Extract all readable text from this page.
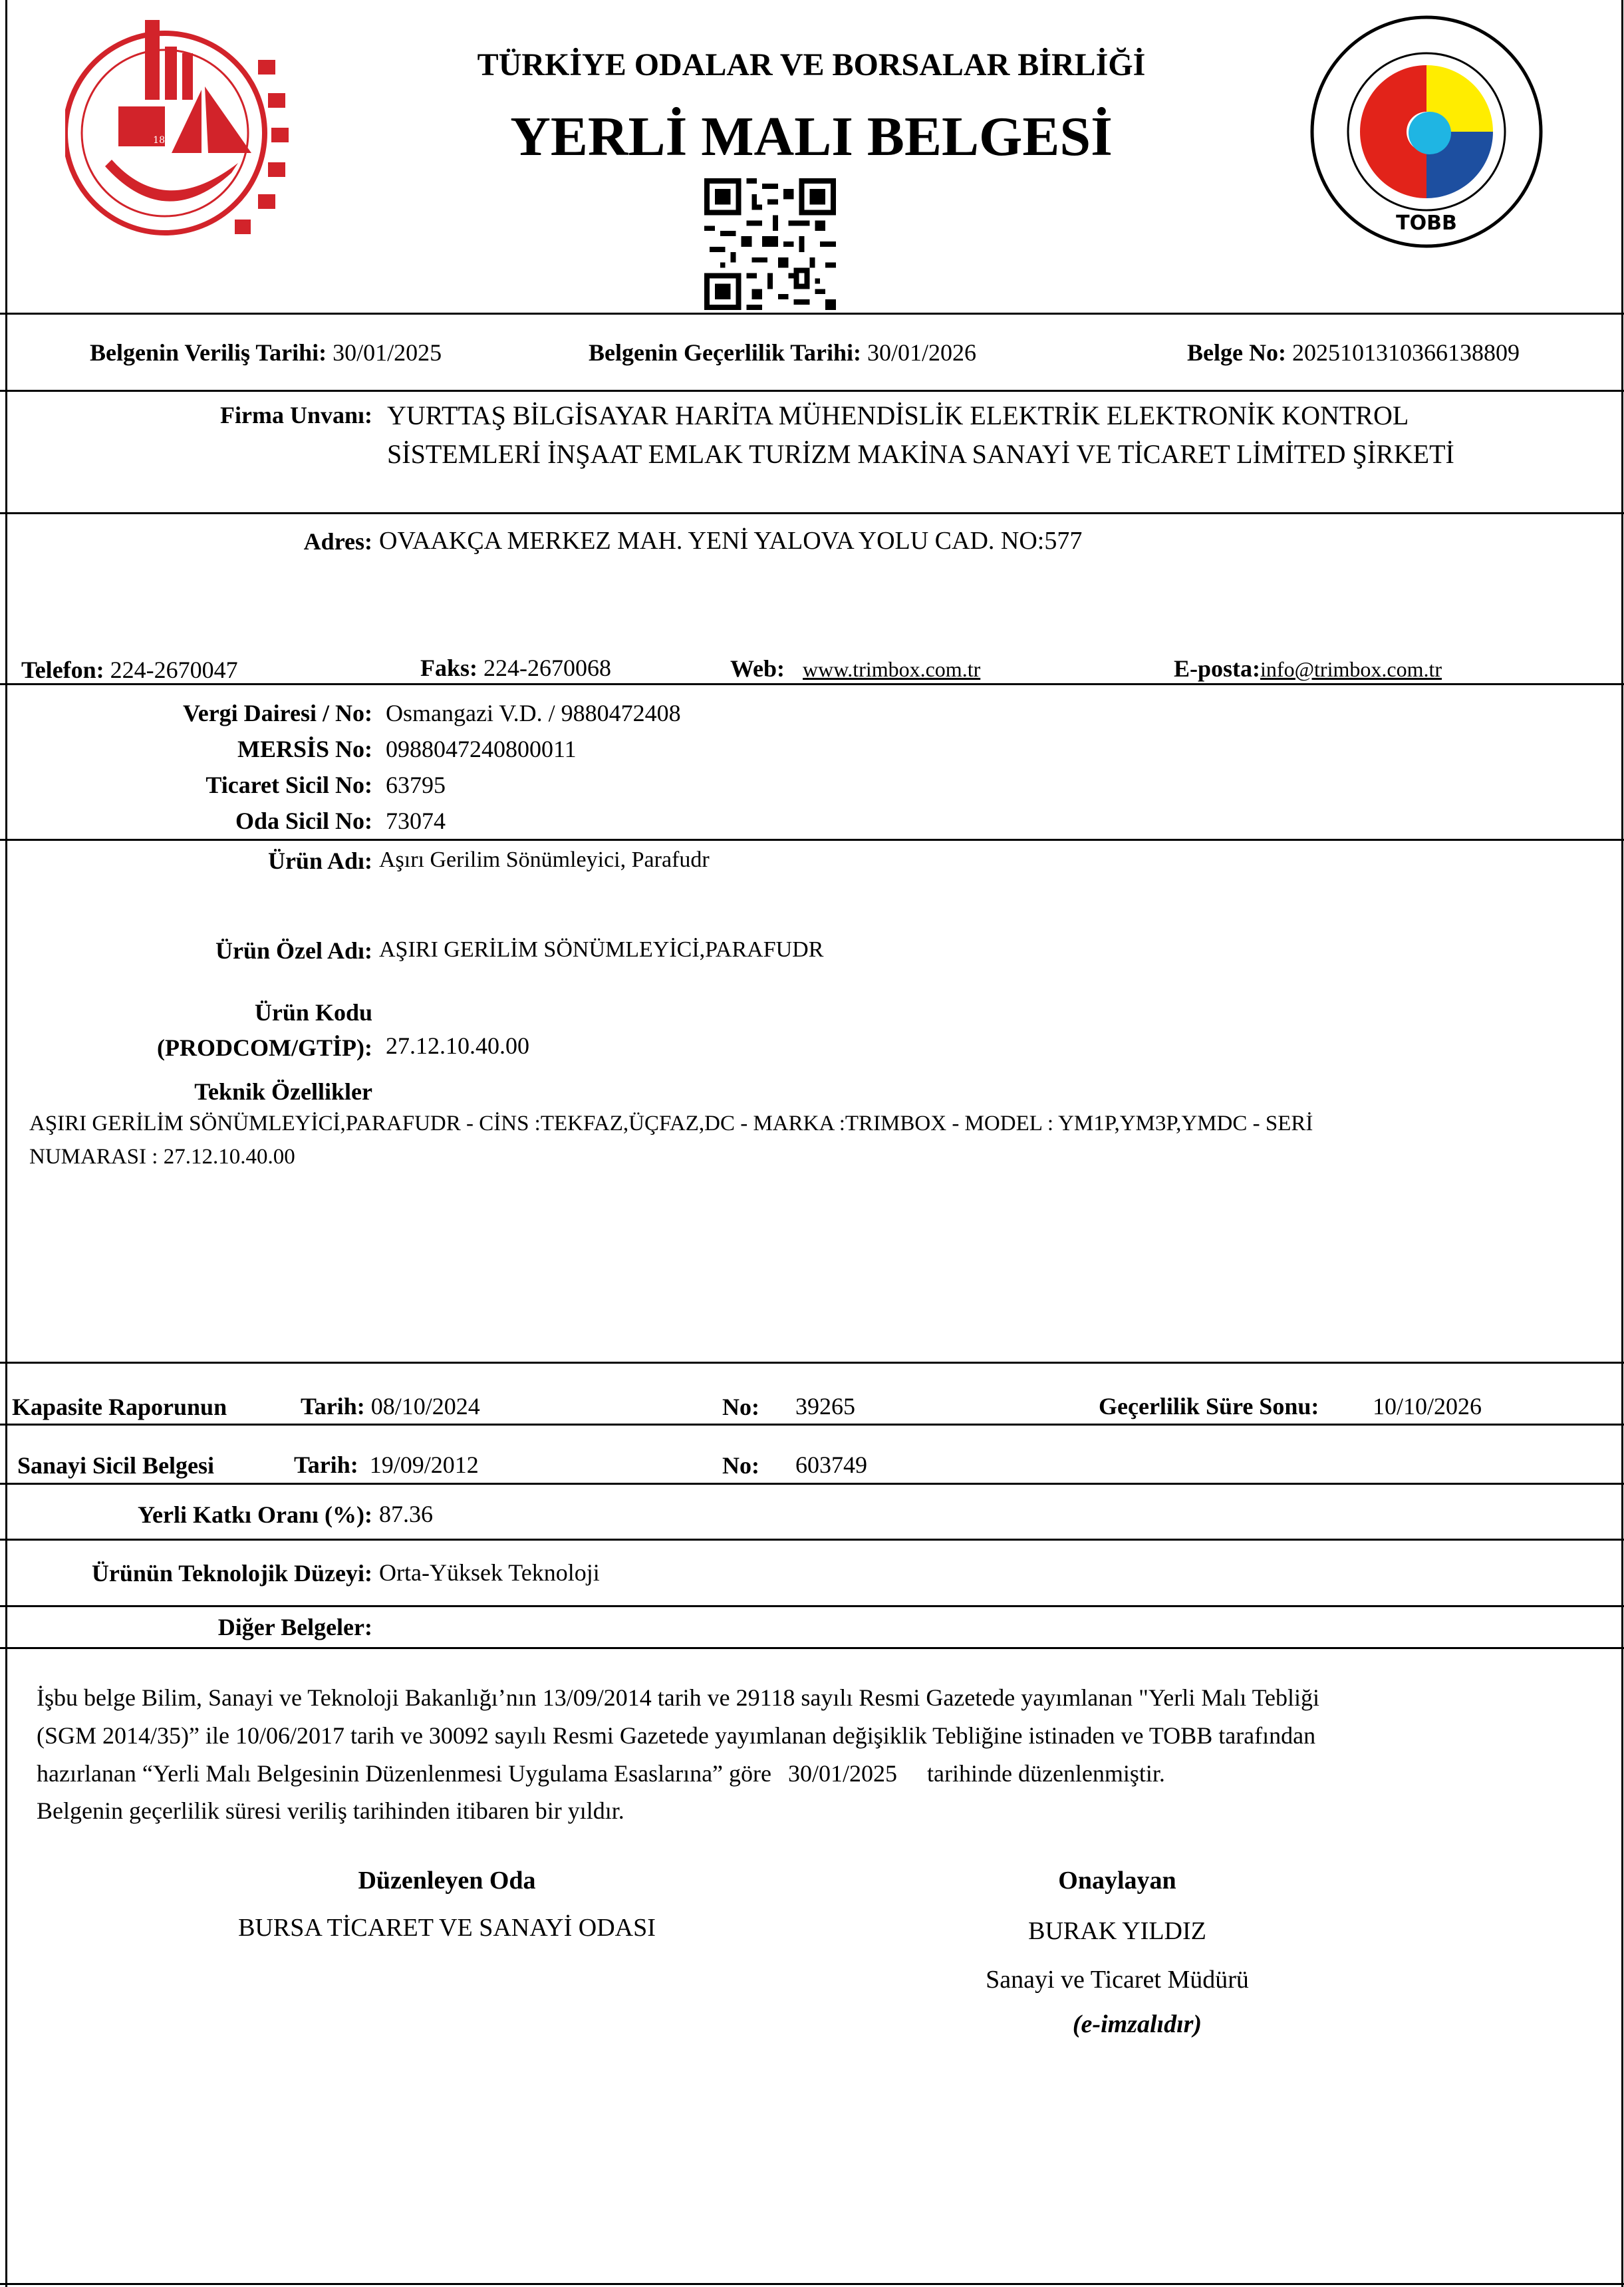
1889
TÜRKİYE ODALAR VE BORSALAR BİRLİĞİ
YERLİ MALI BELGESİ
TOBB
Belgenin Veriliş Tarihi: 30/01/2025	Belgenin Geçerlilik Tarihi: 30/01/2026	Belge No: 2025101310366138809
Firma Unvanı: YURTTAŞ BİLGİSAYAR HARİTA MÜHENDİSLİK ELEKTRİK ELEKTRONİK KONTROL
SİSTEMLERİ İNŞAAT EMLAK TURİZM MAKİNA SANAYİ VE TİCARET LİMİTED ŞİRKETİ
Adres: OVAAKÇA MERKEZ MAH. YENİ YALOVA YOLU CAD. NO:577
Telefon: 224-2670047	Faks: 224-2670068	Web: www.trimbox.com.tr	E-posta:info@trimbox.com.tr
Vergi Dairesi / No: Osmangazi V.D. / 9880472408
MERSİS No: 0988047240800011
Ticaret Sicil No: 63795
Oda Sicil No: 73074
Ürün Adı: Aşırı Gerilim Sönümleyici, Parafudr
Ürün Özel Adı: AŞIRI GERİLİM SÖNÜMLEYİCİ,PARAFUDR
Ürün Kodu
(PRODCOM/GTİP): 27.12.10.40.00
Teknik Özellikler
AŞIRI GERİLİM SÖNÜMLEYİCİ,PARAFUDR - CİNS :TEKFAZ,ÜÇFAZ,DC - MARKA :TRIMBOX - MODEL : YM1P,YM3P,YMDC - SERİ
NUMARASI : 27.12.10.40.00
Kapasite Raporunun	Tarih: 08/10/2024	No: 39265	Geçerlilik Süre Sonu: 10/10/2026
Sanayi Sicil Belgesi	Tarih: 19/09/2012	No: 603749
Yerli Katkı Oranı (%): 87.36
Ürünün Teknolojik Düzeyi: Orta-Yüksek Teknoloji
Diğer Belgeler:
İşbu belge Bilim, Sanayi ve Teknoloji Bakanlığı’nın 13/09/2014 tarih ve 29118 sayılı Resmi Gazetede yayımlanan "Yerli Malı Tebliği
(SGM 2014/35)” ile 10/06/2017 tarih ve 30092 sayılı Resmi Gazetede yayımlanan değişiklik Tebliğine istinaden ve TOBB tarafından
hazırlanan “Yerli Malı Belgesinin Düzenlenmesi Uygulama Esaslarına” göre 30/01/2025 tarihinde düzenlenmiştir.
Belgenin geçerlilik süresi veriliş tarihinden itibaren bir yıldır.
Düzenleyen Oda
BURSA TİCARET VE SANAYİ ODASI
Onaylayan
BURAK YILDIZ
Sanayi ve Ticaret Müdürü
(e-imzalıdır)
